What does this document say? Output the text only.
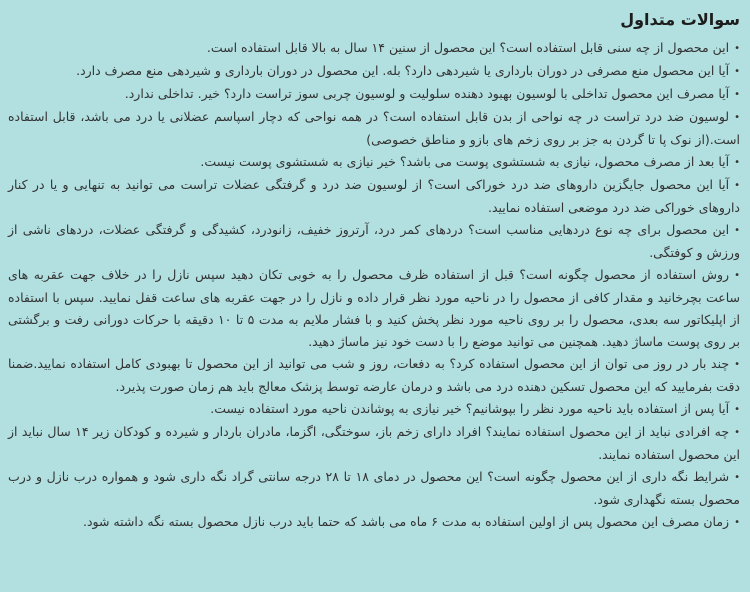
سوالات متداول
• این محصول از چه سنی قابل استفاده است؟ این محصول از سنین ۱۴ سال به بالا قابل استفاده است.
• آیا این محصول منع مصرفی در دوران بارداری یا شیردهی دارد؟ بله. این محصول در دوران بارداری و شیردهی منع مصرف دارد.
• آیا مصرف این محصول تداخلی با لوسیون بهبود دهنده سلولیت و لوسیون چربی سوز تراست دارد؟ خیر. تداخلی ندارد.
• لوسیون ضد درد تراست در چه نواحی از بدن قابل استفاده است؟ در همه نواحی که دچار اسپاسم عضلانی یا درد می باشد، قابل استفاده است.(از نوک پا تا گردن به جز بر روی زخم های بازو و مناطق خصوصی)
• آیا بعد از مصرف محصول، نیازی به شستشوی پوست می باشد؟ خیر نیازی به شستشوی پوست نیست.
• آیا این محصول جایگزین داروهای ضد درد خوراکی است؟ از لوسیون ضد درد و گرفتگی عضلات تراست می توانید به تنهایی و یا در کنار داروهای خوراکی ضد درد موضعی استفاده نمایید.
• این محصول برای چه نوع دردهایی مناسب است؟ دردهای کمر درد، آرتروز خفیف، زانودرد، کشیدگی و گرفتگی عضلات، دردهای ناشی از ورزش و کوفتگی.
• روش استفاده از محصول چگونه است؟ قبل از استفاده ظرف محصول را به خوبی تکان دهید سپس نازل را در خلاف جهت عقربه های ساعت بچرخانید و مقدار کافی از محصول را در ناحیه مورد نظر قرار داده و نازل را در جهت عقربه های ساعت قفل نمایید. سپس با استفاده از اپلیکاتور سه بعدی، محصول را بر روی ناحیه مورد نظر پخش کنید و با فشار ملایم به مدت ۵ تا ۱۰ دقیقه با حرکات دورانی رفت و برگشتی بر روی پوست ماساژ دهید. همچنین می توانید موضع را با دست خود نیز ماساژ دهید.
• چند بار در روز می توان از این محصول استفاده کرد؟ به دفعات، روز و شب می توانید از این محصول تا بهبودی کامل استفاده نمایید.ضمنا دقت بفرمایید که این محصول تسکین دهنده درد می باشد و درمان عارضه توسط پزشک معالج باید هم زمان صورت پذیرد.
• آیا پس از استفاده باید ناحیه مورد نظر را بپوشانیم؟ خیر نیازی به پوشاندن ناحیه مورد استفاده نیست.
• چه افرادی نباید از این محصول استفاده نمایند؟ افراد دارای زخم باز، سوختگی، اگزما، مادران باردار و شیرده و کودکان زیر ۱۴ سال نباید از این محصول استفاده نمایند.
• شرایط نگه داری از این محصول چگونه است؟ این محصول در دمای ۱۸ تا ۲۸ درجه سانتی گراد نگه داری شود و همواره درب نازل و درب محصول بسته نگهداری شود.
• زمان مصرف این محصول پس از اولین استفاده به مدت ۶ ماه می باشد که حتما باید درب نازل محصول بسته نگه داشته شود.
